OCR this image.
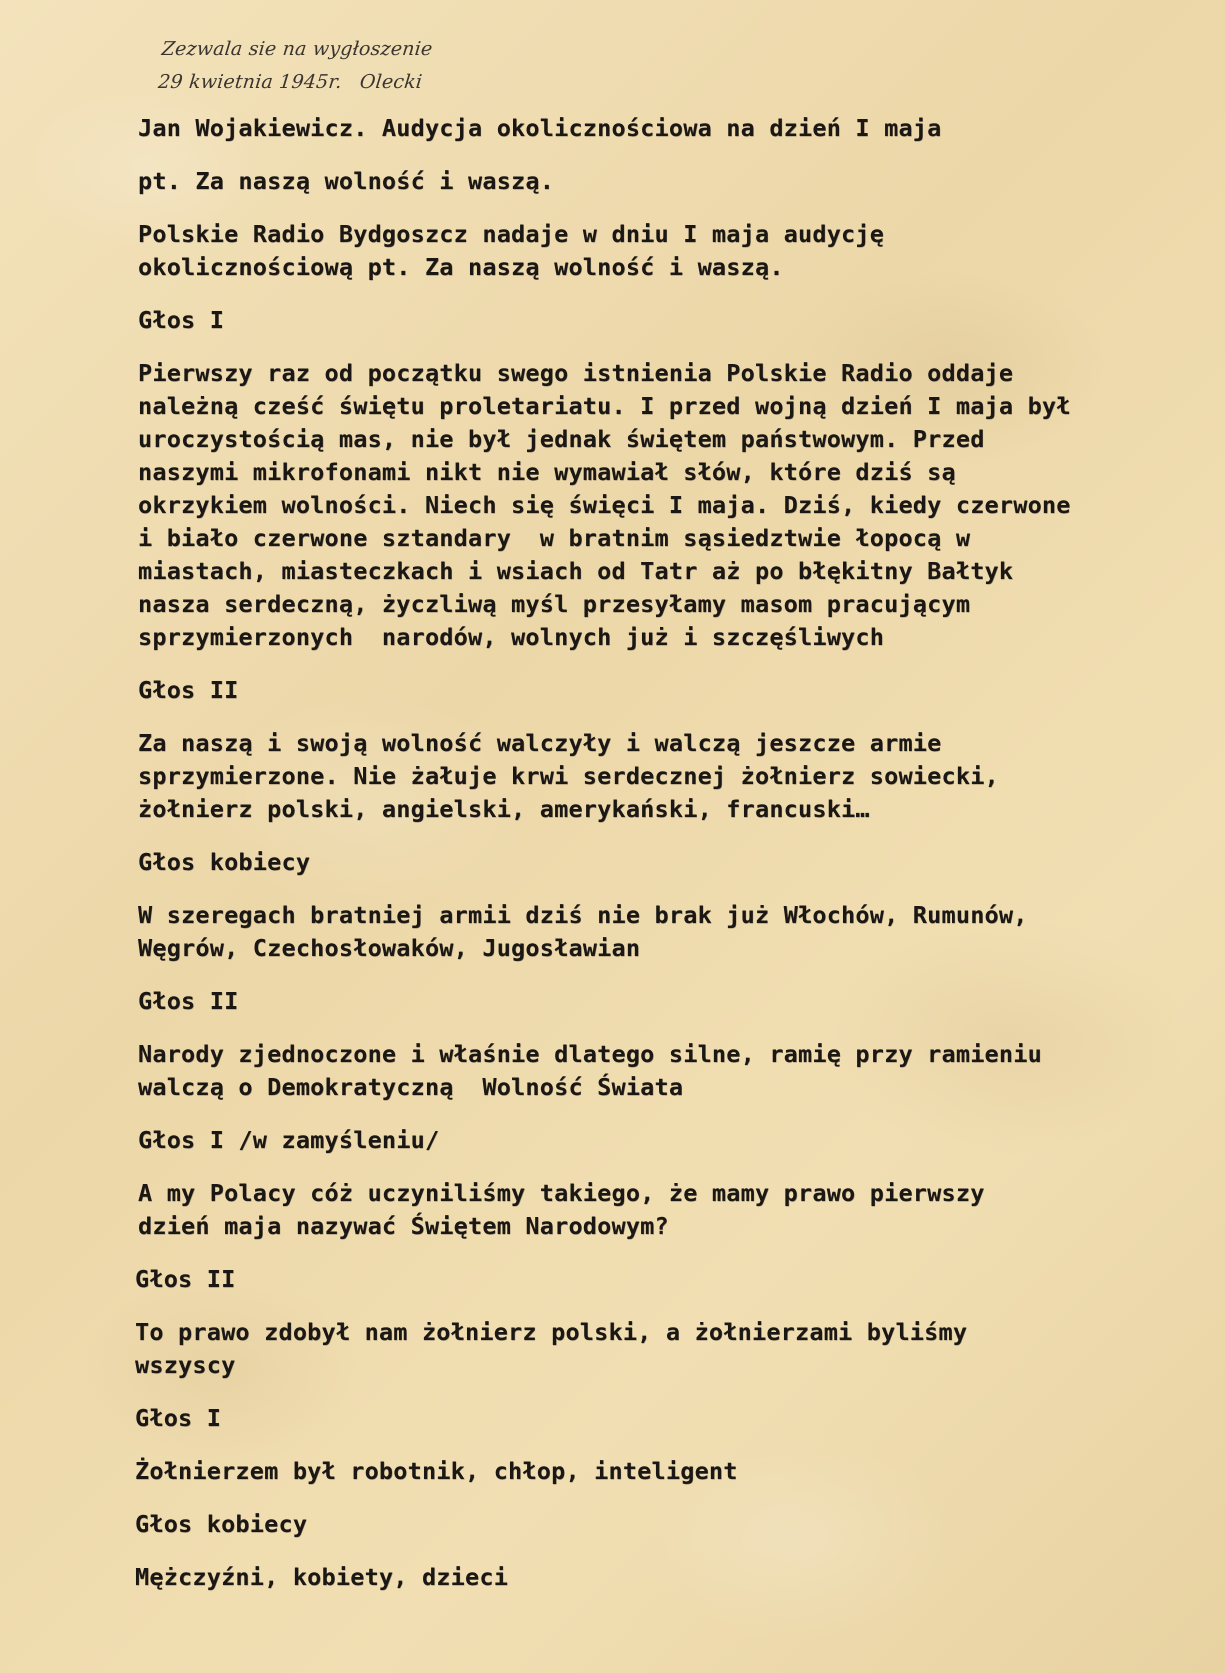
Zezwala sie na wygłoszenie
29 kwietnia 1945r. Olecki

Jan Wojakiewicz. Audycja okolicznościowa na dzień I maja

pt. Za naszą wolność i waszą.

Polskie Radio Bydgoszcz nadaje w dniu I maja audycję
okolicznościową pt. Za naszą wolność i waszą.

Głos I

Pierwszy raz od początku swego istnienia Polskie Radio oddaje
należną cześć świętu proletariatu. I przed wojną dzień I maja był
uroczystością mas, nie był jednak świętem państwowym. Przed
naszymi mikrofonami nikt nie wymawiał słów, które dziś są
okrzykiem wolności. Niech się święci I maja. Dziś, kiedy czerwone
i biało czerwone sztandary  w bratnim sąsiedztwie łopocą w
miastach, miasteczkach i wsiach od Tatr aż po błękitny Bałtyk
nasza serdeczną, życzliwą myśl przesyłamy masom pracującym
sprzymierzonych  narodów, wolnych już i szczęśliwych

Głos II

Za naszą i swoją wolność walczyły i walczą jeszcze armie
sprzymierzone. Nie żałuje krwi serdecznej żołnierz sowiecki,
żołnierz polski, angielski, amerykański, francuski…

Głos kobiecy

W szeregach bratniej armii dziś nie brak już Włochów, Rumunów,
Węgrów, Czechosłowaków, Jugosławian

Głos II

Narody zjednoczone i właśnie dlatego silne, ramię przy ramieniu
walczą o Demokratyczną  Wolność Świata

Głos I /w zamyśleniu/

A my Polacy cóż uczyniliśmy takiego, że mamy prawo pierwszy
dzień maja nazywać Świętem Narodowym?

Głos II

To prawo zdobył nam żołnierz polski, a żołnierzami byliśmy
wszyscy

Głos I

Żołnierzem był robotnik, chłop, inteligent

Głos kobiecy

Mężczyźni, kobiety, dzieci
